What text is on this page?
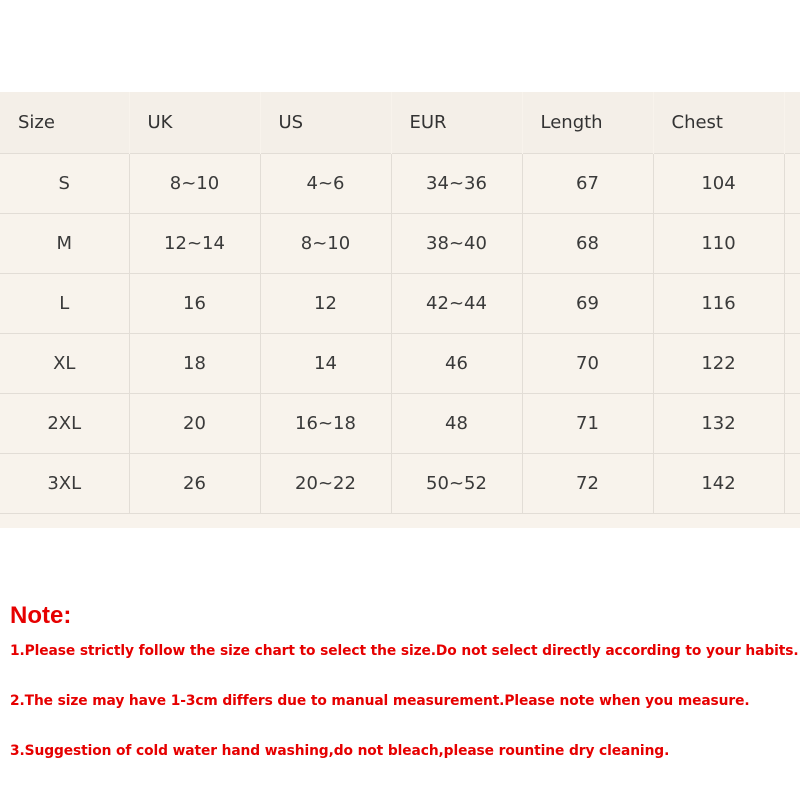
Size	UK	US	EUR	Length	Chest	
S	8~10	4~6	34~36	67	104	
M	12~14	8~10	38~40	68	110	
L	16	12	42~44	69	116	
XL	18	14	46	70	122	
2XL	20	16~18	48	71	132	
3XL	26	20~22	50~52	72	142	
Note:
1.Please strictly follow the size chart to select the size.Do not select directly according to your habits.
2.The size may have 1-3cm differs due to manual measurement.Please note when you measure.
3.Suggestion of cold water hand washing,do not bleach,please rountine dry cleaning.
